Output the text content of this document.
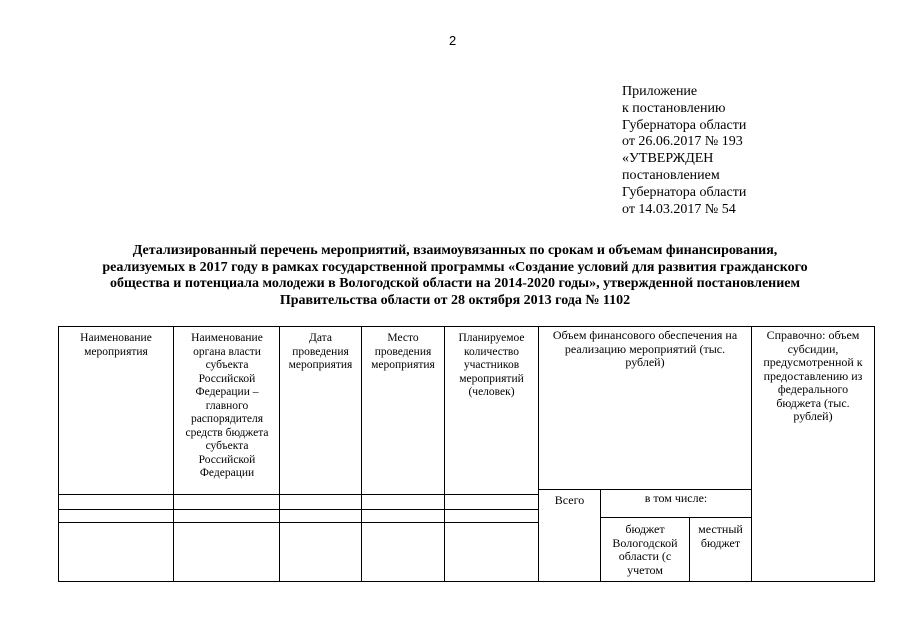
2
Приложение
к постановлению
Губернатора области
от 26.06.2017 № 193
«УТВЕРЖДЕН
постановлением
Губернатора области
от 14.03.2017 № 54
Детализированный перечень мероприятий, взаимоувязанных по срокам и объемам финансирования,
реализуемых в 2017 году в рамках государственной программы «Создание условий для развития гражданского
общества и потенциала молодежи в Вологодской области на 2014-2020 годы», утвержденной постановлением
Правительства области от 28 октября 2013 года № 1102
Наименование
мероприятия
Наименование
органа власти
субъекта
Российской
Федерации –
главного
распорядителя
средств бюджета
субъекта
Российской
Федерации
Дата
проведения
мероприятия
Место
проведения
мероприятия
Планируемое
количество
участников
мероприятий
(человек)
Объем финансового обеспечения на
реализацию мероприятий (тыс.
рублей)
Справочно: объем
субсидии,
предусмотренной к
предоставлению из
федерального
бюджета (тыс.
рублей)
Всего	в том числе:
бюджет
Вологодской
области (с
учетом
местный
бюджет
